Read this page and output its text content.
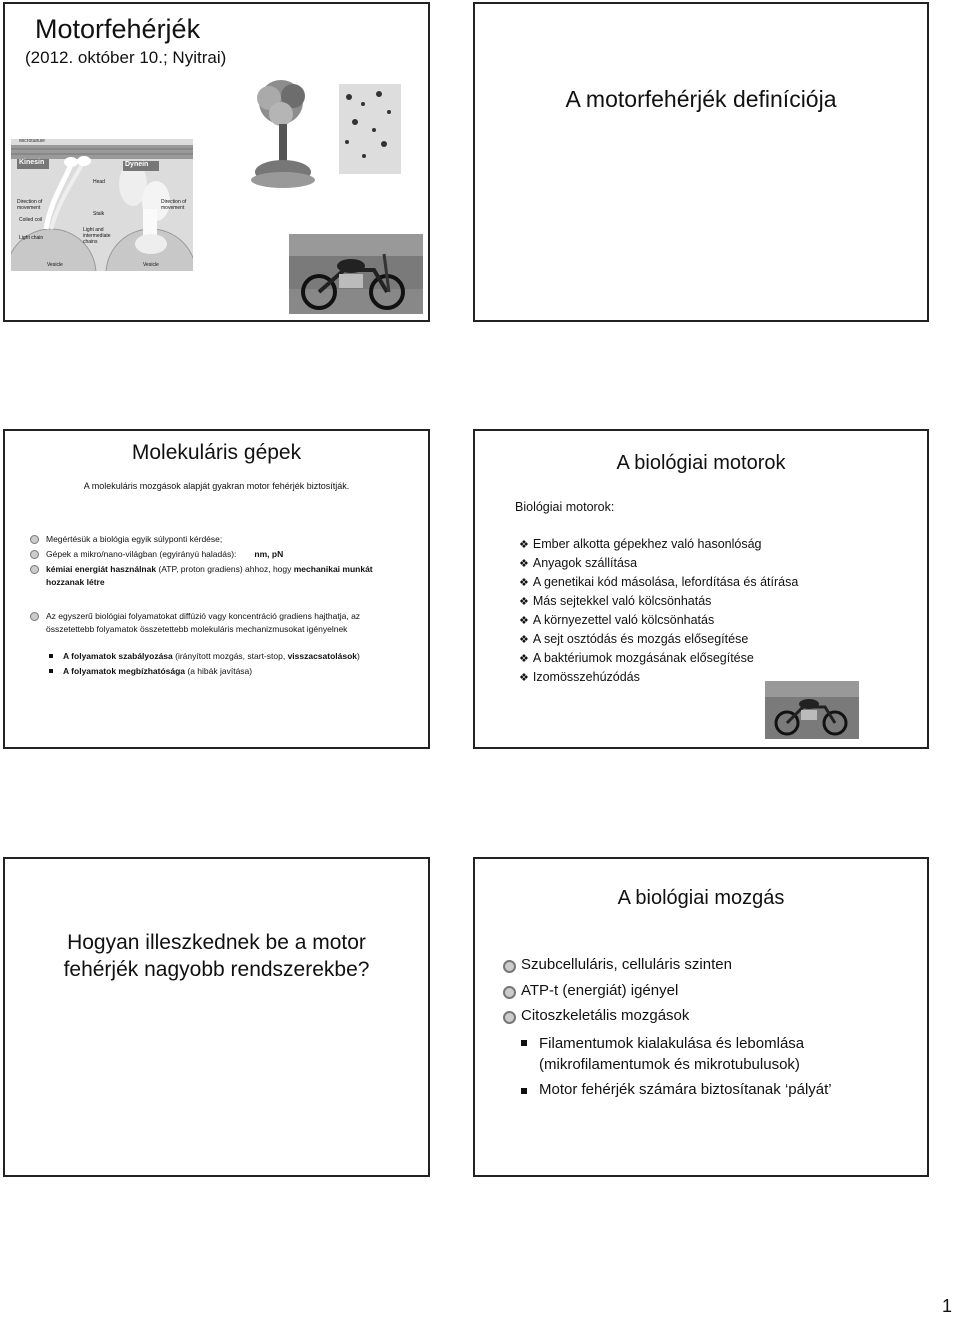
Motorfehérjék
(2012. október 10.; Nyitrai)
Microtubule
Kinesin	Dynein
Head
Stalk
Coiled coil
Light chain
Light and intermediate chains
Direction of movement
Direction of movement
Vesicle	Vesicle
A motorfehérjék definíciója
Molekuláris gépek
A molekuláris mozgások alapját gyakran motor fehérjék biztosítják.
Megértésük a biológia egyik súlyponti kérdése;
Gépek a mikro/nano-világban (egyirányú haladás): nm, pN
kémiai energiát használnak (ATP, proton gradiens) ahhoz, hogy mechanikai munkát hozzanak létre
Az egyszerű biológiai folyamatokat diffúzió vagy koncentráció gradiens hajthatja, az összetettebb folyamatok összetettebb molekuláris mechanizmusokat igényelnek
A folyamatok szabályozása (irányított mozgás, start-stop, visszacsatolások)
A folyamatok megbízhatósága (a hibák javítása)
A biológiai motorok
Biológiai motorok:
❖ Ember alkotta gépekhez való hasonlóság
❖ Anyagok szállítása
❖ A genetikai kód másolása, lefordítása és átírása
❖ Más sejtekkel való kölcsönhatás
❖ A környezettel való kölcsönhatás
❖ A sejt osztódás és mozgás elősegítése
❖ A baktériumok mozgásának elősegítése
❖ Izomösszehúzódás
Hogyan illeszkednek be a motor
fehérjék nagyobb rendszerekbe?
A biológiai mozgás
Szubcelluláris, celluláris szinten
ATP-t (energiát) igényel
Citoszkeletális mozgások
Filamentumok kialakulása és lebomlása
(mikrofilamentumok és mikrotubulusok)
Motor fehérjék számára biztosítanak ‘pályát’
1
